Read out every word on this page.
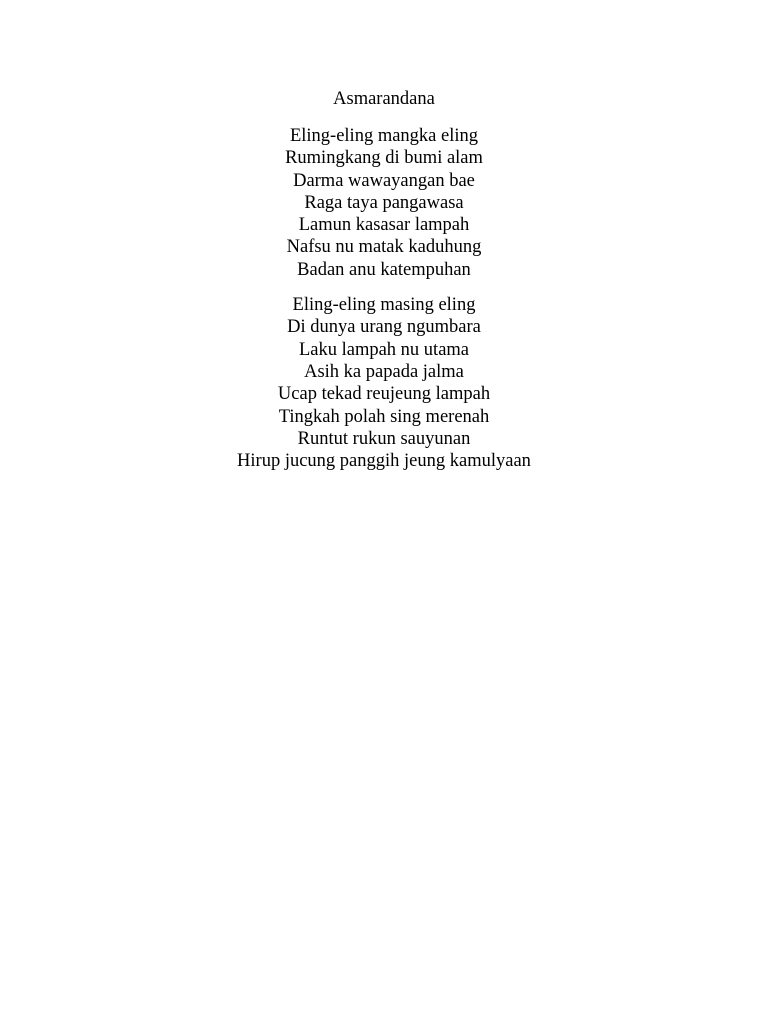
Asmarandana
Eling-eling mangka eling
Rumingkang di bumi alam
Darma wawayangan bae
Raga taya pangawasa
Lamun kasasar lampah
Nafsu nu matak kaduhung
Badan anu katempuhan
Eling-eling masing eling
Di dunya urang ngumbara
Laku lampah nu utama
Asih ka papada jalma
Ucap tekad reujeung lampah
Tingkah polah sing merenah
Runtut rukun sauyunan
Hirup jucung panggih jeung kamulyaan
